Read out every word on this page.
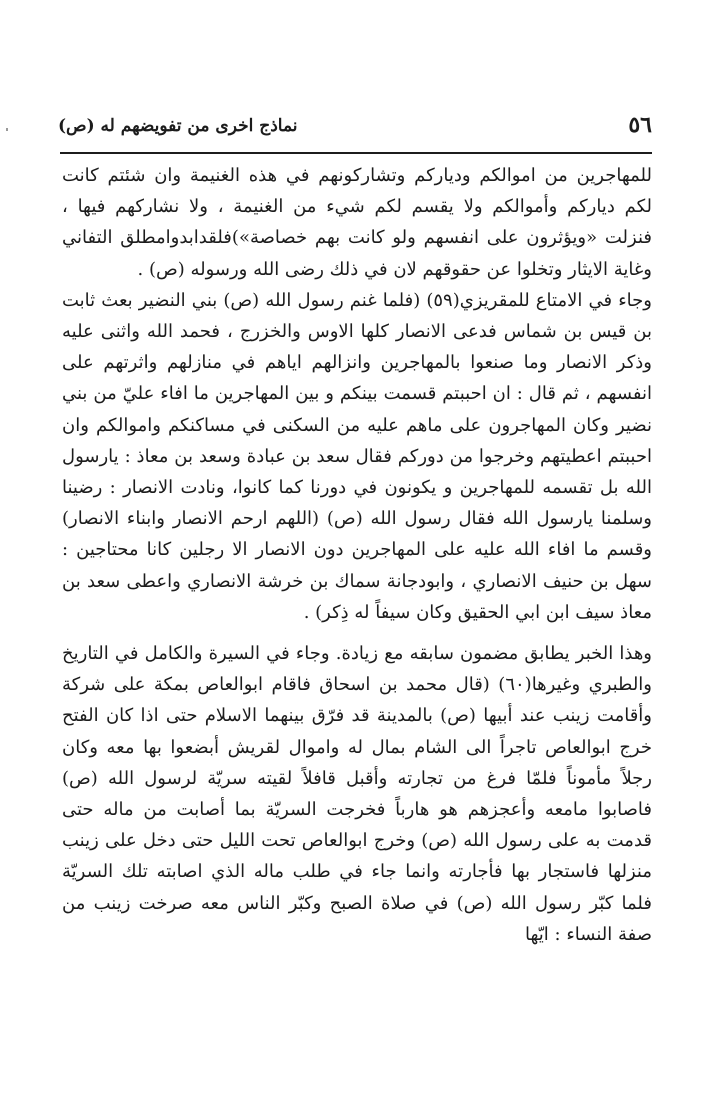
٥٦
نماذج اخرى من تفويضهم له (ص)

للمهاجرين من اموالكم ودياركم وتشاركونهم في هذه الغنيمة وان شئتم كانت لكم دياركم وأموالكم ولا يقسم لكم شيء من الغنيمة ، ولا نشاركهم فيها ، فنزلت «ويؤثرون على انفسهم ولو كانت بهم خصاصة»)فلقدابدوامطلق التفاني وغاية الايثار وتخلوا عن حقوقهم لان في ذلك رضى الله ورسوله (ص) .

وجاء في الامتاع للمقريزي(٥٩) (فلما غنم رسول الله (ص) بني النضير بعث ثابت بن قيس بن شماس فدعى الانصار كلها الاوس والخزرج ، فحمد الله واثنى عليه وذكر الانصار وما صنعوا بالمهاجرين وانزالهم اياهم في منازلهم واثرتهم على انفسهم ، ثم قال : ان احببتم قسمت بينكم و بين المهاجرين ما افاء عليّ من بني نضير وكان المهاجرون على ماهم عليه من السكنى في مساكنكم واموالكم وان احببتم اعطيتهم وخرجوا من دوركم فقال سعد بن عبادة وسعد بن معاذ : يارسول الله بل تقسمه للمهاجرين و يكونون في دورنا كما كانوا، ونادت الانصار : رضينا وسلمنا يارسول الله فقال رسول الله (ص) (اللهم ارحم الانصار وابناء الانصار) وقسم ما افاء الله عليه على المهاجرين دون الانصار الا رجلين كانا محتاجين : سهل بن حنيف الانصاري ، وابودجانة سماك بن خرشة الانصاري واعطى سعد بن معاذ سيف ابن ابي الحقيق وكان سيفاً له ذِكر) .

وهذا الخبر يطابق مضمون سابقه مع زيادة. وجاء في السيرة والكامل في التاريخ والطبري وغيرها(٦٠) (قال محمد بن اسحاق فاقام ابوالعاص بمكة على شركة وأقامت زينب عند أبيها (ص) بالمدينة قد فرّق بينهما الاسلام حتى اذا كان الفتح خرج ابوالعاص تاجراً الى الشام بمال له واموال لقريش أبضعوا بها معه وكان رجلاً مأموناً فلمّا فرغ من تجارته وأقبل قافلاً لقيته سريّة لرسول الله (ص) فاصابوا مامعه وأعجزهم هو هارباً فخرجت السريّة بما أصابت من ماله حتى قدمت به على رسول الله (ص) وخرج ابوالعاص تحت الليل حتى دخل على زينب منزلها فاستجار بها فأجارته وانما جاء في طلب ماله الذي اصابته تلك السريّة فلما كبّر رسول الله (ص) في صلاة الصبح وكبّر الناس معه صرخت زينب من صفة النساء : ايّها
